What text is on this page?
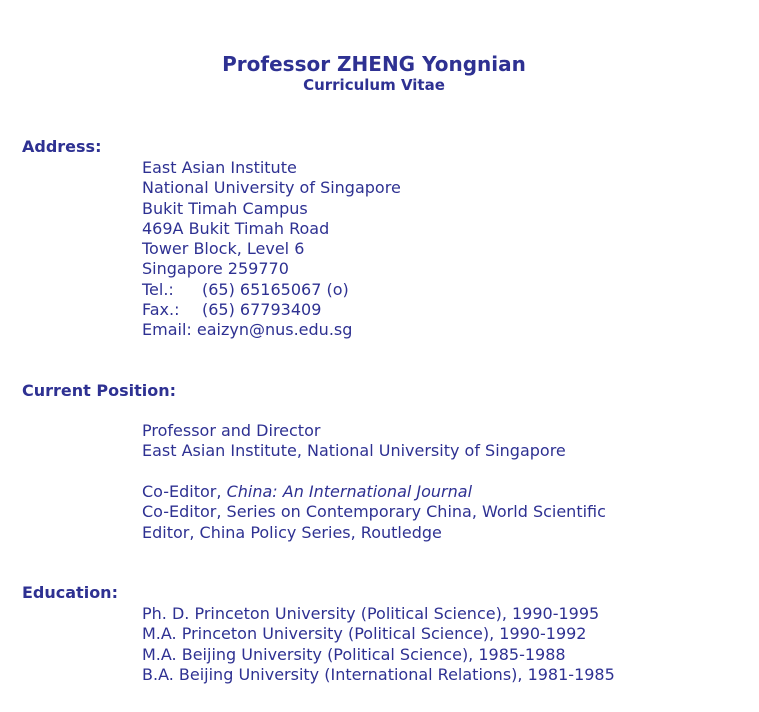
Professor ZHENG Yongnian
Curriculum Vitae
Address:
East Asian Institute
National University of Singapore
Bukit Timah Campus
469A Bukit Timah Road
Tower Block, Level 6
Singapore 259770
Tel.: (65) 65165067 (o)
Fax.: (65) 67793409
Email: eaizyn@nus.edu.sg
Current Position:
Professor and Director
East Asian Institute, National University of Singapore
Co-Editor, China: An International Journal
Co-Editor, Series on Contemporary China, World Scientific
Editor, China Policy Series, Routledge
Education:
Ph. D. Princeton University (Political Science), 1990-1995
M.A. Princeton University (Political Science), 1990-1992
M.A. Beijing University (Political Science), 1985-1988
B.A. Beijing University (International Relations), 1981-1985
